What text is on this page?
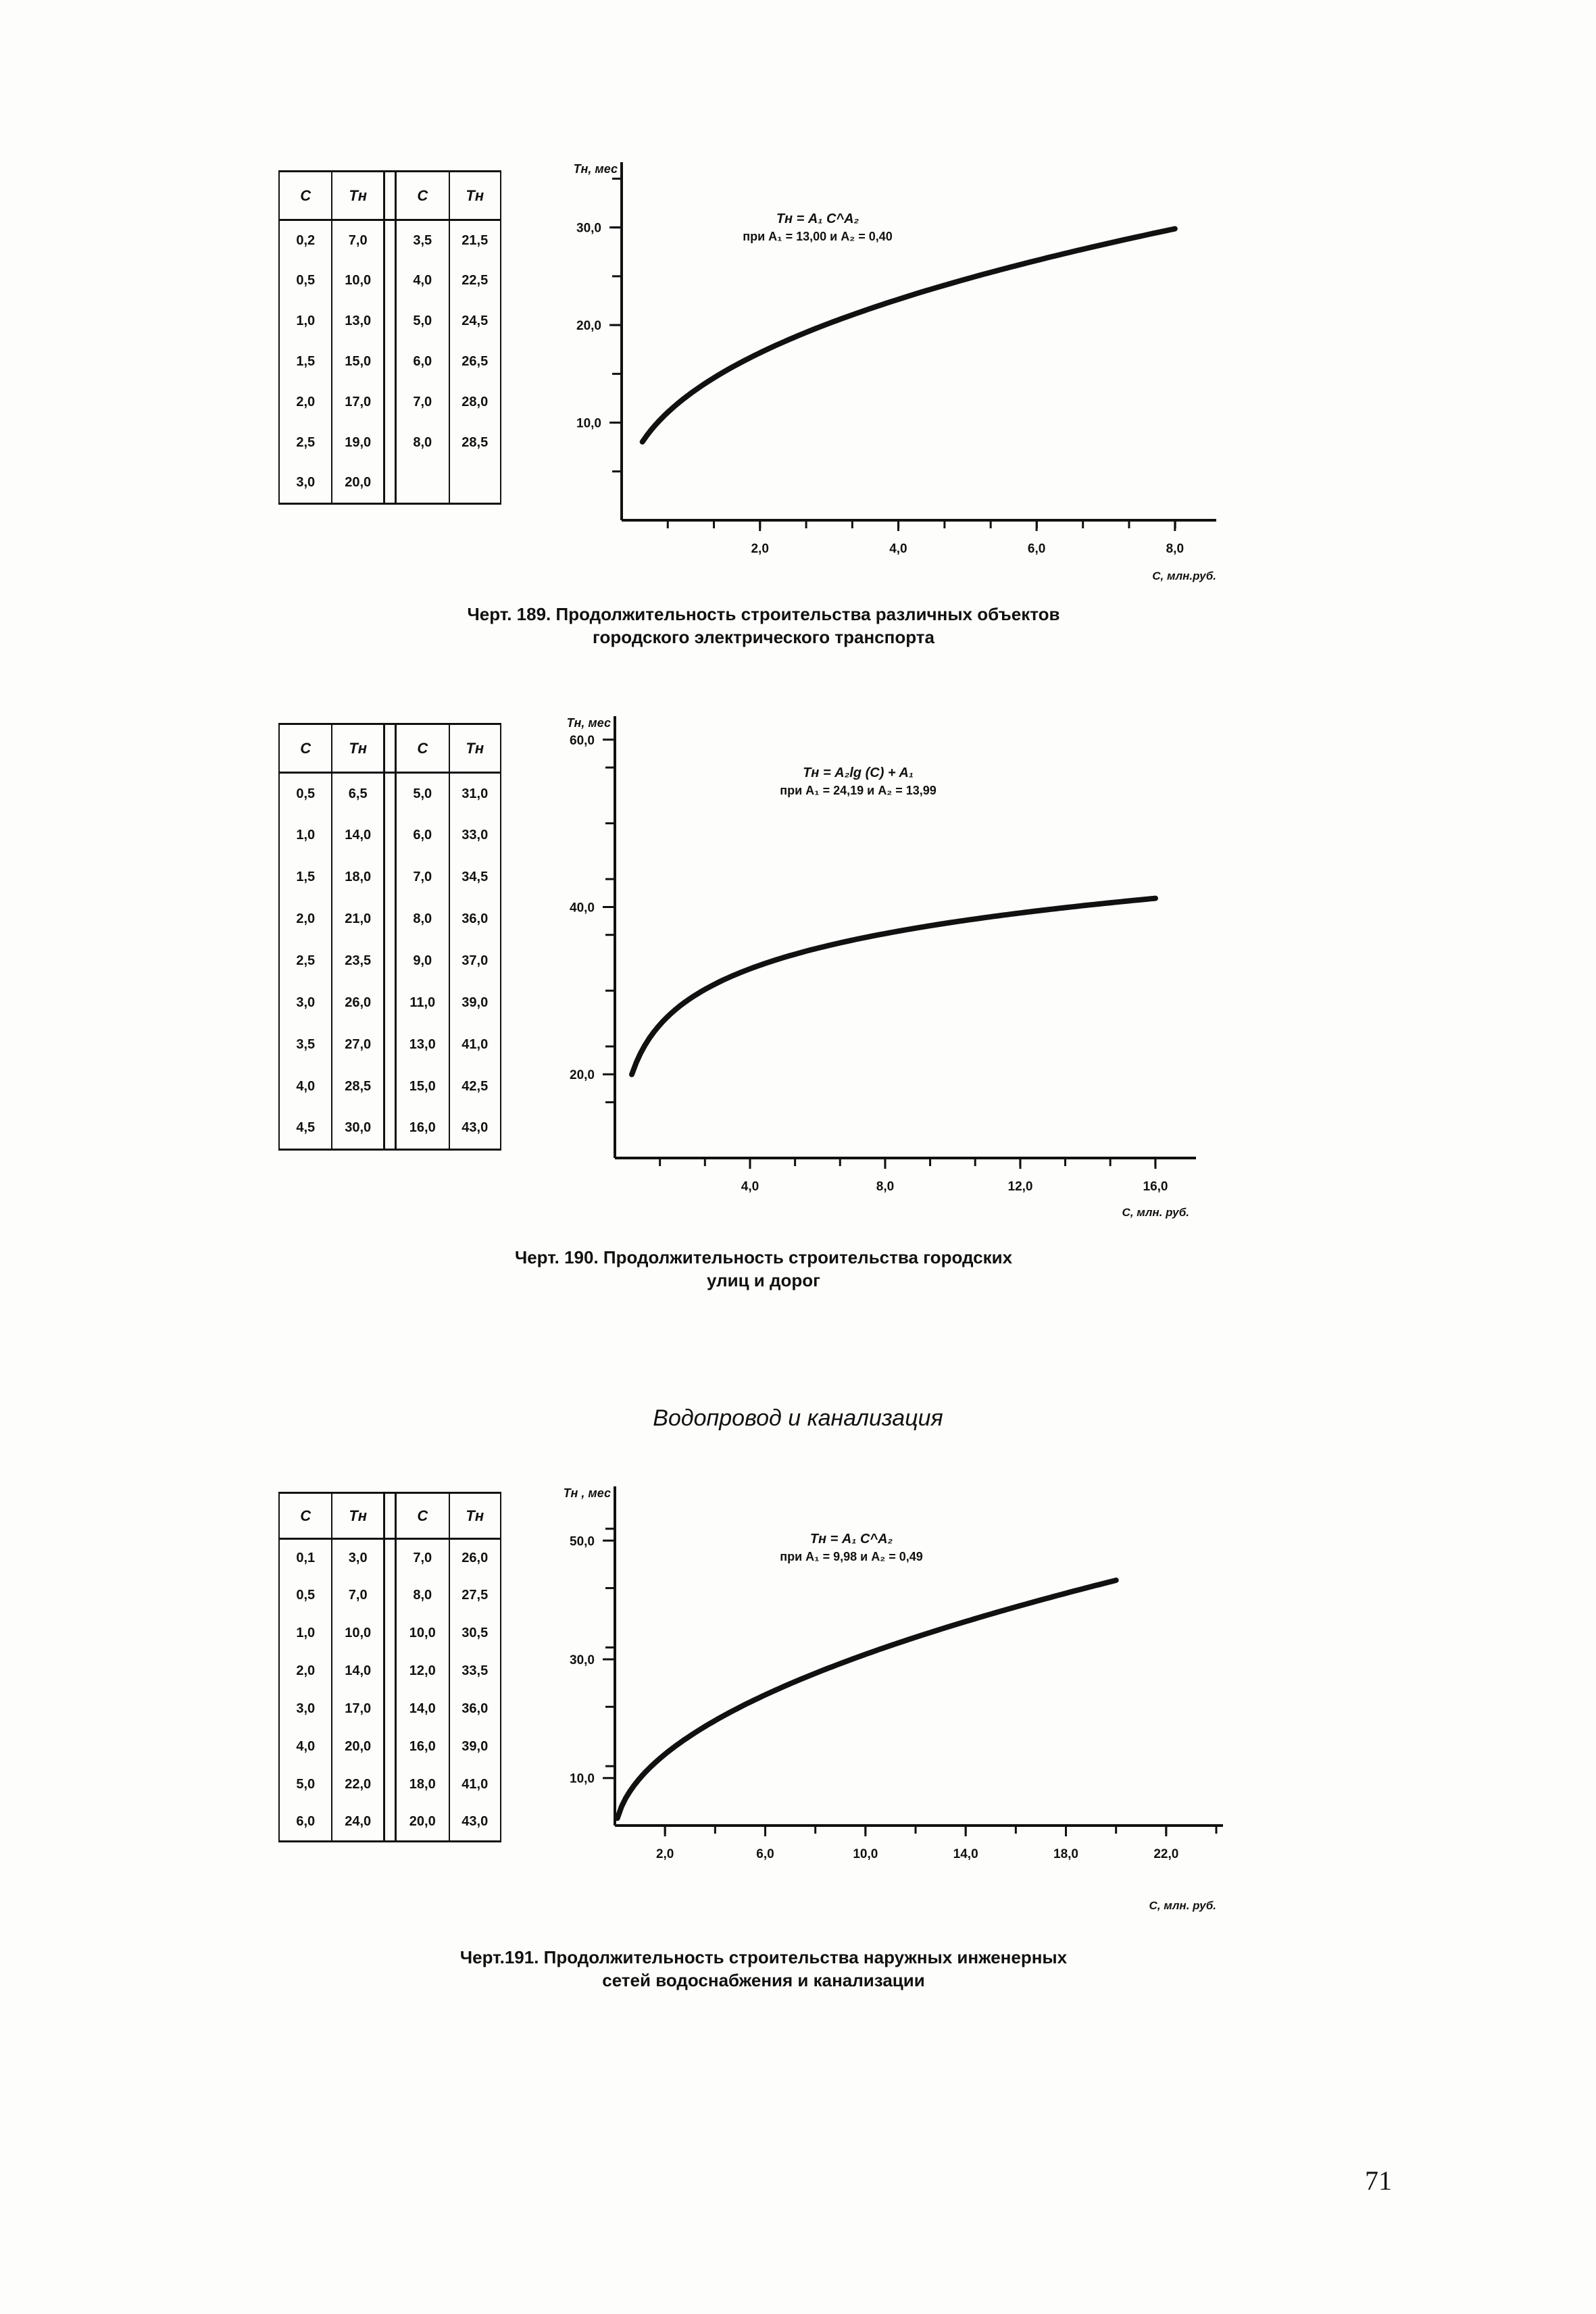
C	Tн		C	Tн
0,2	7,0		3,5	21,5
0,5	10,0		4,0	22,5
1,0	13,0		5,0	24,5
1,5	15,0		6,0	26,5
2,0	17,0		7,0	28,0
2,5	19,0		8,0	28,5
3,0	20,0			
2,0	4,0	6,0	8,0
10,0
20,0
30,0
Tн, мес
C, млн.руб.
Tн = A₁ C^A₂
при A₁ = 13,00 и A₂ = 0,40
Черт. 189. Продолжительность строительства различных объектов
городского электрического транспорта
C	Tн		C	Tн
0,5	6,5		5,0	31,0
1,0	14,0		6,0	33,0
1,5	18,0		7,0	34,5
2,0	21,0		8,0	36,0
2,5	23,5		9,0	37,0
3,0	26,0		11,0	39,0
3,5	27,0		13,0	41,0
4,0	28,5		15,0	42,5
4,5	30,0		16,0	43,0
4,0	8,0	12,0	16,0
20,0
40,0
60,0
Tн, мес
C, млн. руб.
Tн = A₂lg (C) + A₁
при A₁ = 24,19 и A₂ = 13,99
Черт. 190. Продолжительность строительства городских
улиц и дорог
Водопровод и канализация
C	Tн		C	Tн
0,1	3,0		7,0	26,0
0,5	7,0		8,0	27,5
1,0	10,0		10,0	30,5
2,0	14,0		12,0	33,5
3,0	17,0		14,0	36,0
4,0	20,0		16,0	39,0
5,0	22,0		18,0	41,0
6,0	24,0		20,0	43,0
2,0	6,0	10,0	14,0	18,0	22,0
10,0
30,0
50,0
Tн , мес
C, млн. руб.
Tн = A₁ C^A₂
при A₁ = 9,98 и A₂ = 0,49
Черт.191. Продолжительность строительства наружных инженерных
сетей водоснабжения и канализации
71
